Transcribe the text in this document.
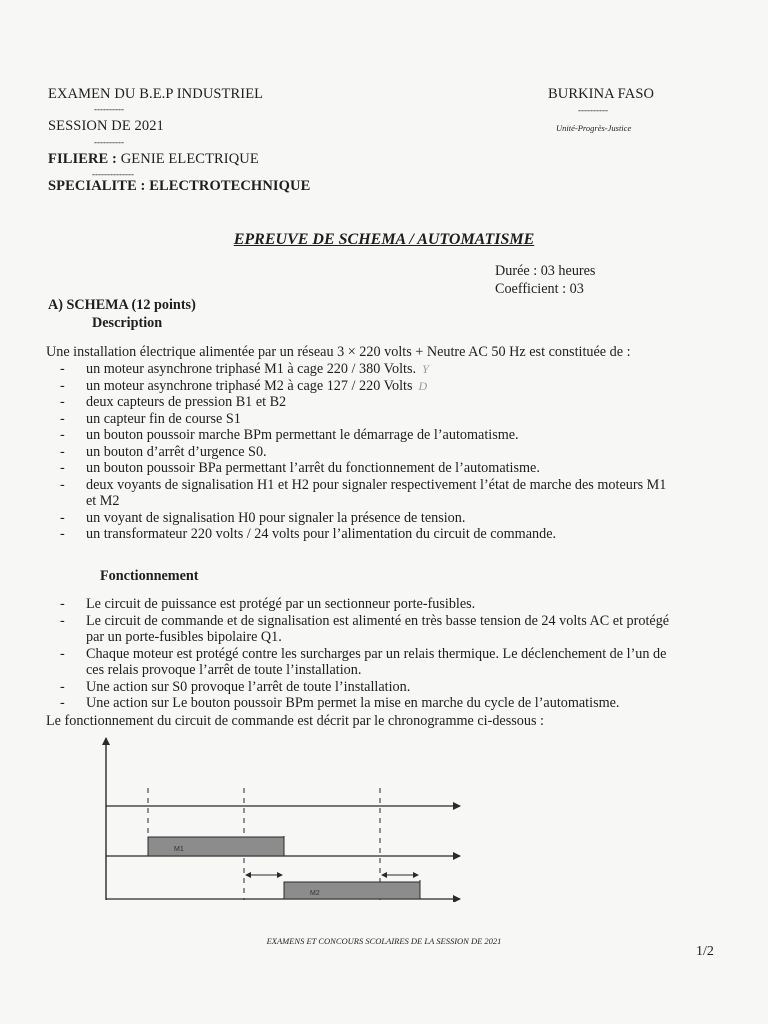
EXAMEN DU B.E.P INDUSTRIEL
----------
SESSION DE 2021
----------
FILIERE : GENIE ELECTRIQUE
--------------
SPECIALITE : ELECTROTECHNIQUE
BURKINA FASO
----------
Unité-Progrès-Justice
EPREUVE DE SCHEMA / AUTOMATISME
Durée : 03 heures
Coefficient : 03
A) SCHEMA (12 points)
Description
Une installation électrique alimentée par un réseau 3 × 220 volts + Neutre AC 50 Hz est constituée de :
- un moteur asynchrone triphasé M1 à cage 220 / 380 Volts. Y
- un moteur asynchrone triphasé M2 à cage 127 / 220 Volts D
- deux capteurs de pression B1 et B2
- un capteur fin de course S1
- un bouton poussoir marche BPm permettant le démarrage de l’automatisme.
- un bouton d’arrêt d’urgence S0.
- un bouton poussoir BPa permettant l’arrêt du fonctionnement de l’automatisme.
- deux voyants de signalisation H1 et H2 pour signaler respectivement l’état de marche des moteurs M1
et M2
- un voyant de signalisation H0 pour signaler la présence de tension.
- un transformateur 220 volts / 24 volts pour l’alimentation du circuit de commande.
Fonctionnement
- Le circuit de puissance est protégé par un sectionneur porte-fusibles.
- Le circuit de commande et de signalisation est alimenté en très basse tension de 24 volts AC et protégé
par un porte-fusibles bipolaire Q1.
- Chaque moteur est protégé contre les surcharges par un relais thermique. Le déclenchement de l’un de
ces relais provoque l’arrêt de toute l’installation.
- Une action sur S0 provoque l’arrêt de toute l’installation.
- Une action sur Le bouton poussoir BPm permet la mise en marche du cycle de l’automatisme.
Le fonctionnement du circuit de commande est décrit par le chronogramme ci-dessous :
M1
M2
EXAMENS ET CONCOURS SCOLAIRES DE LA SESSION DE 2021
1/2
